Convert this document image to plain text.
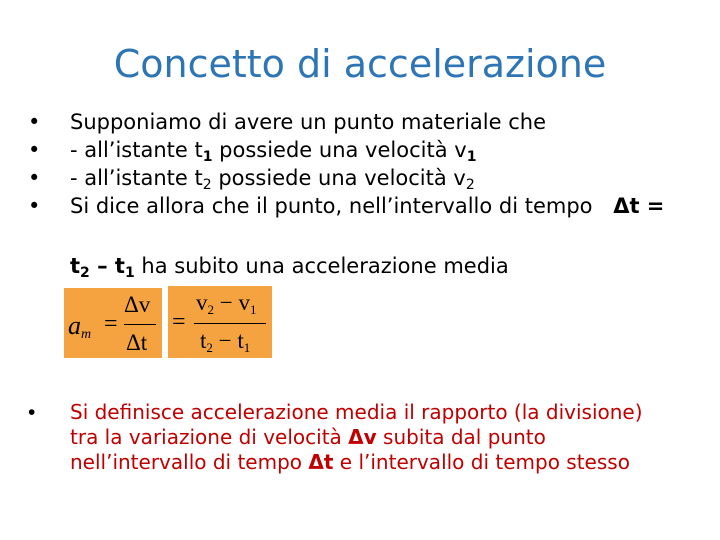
Concetto di accelerazione
• Supponiamo di avere un punto materiale che
• - all’istante $t_1$ possiede una velocità $v_1$
• - all’istante $t_2$ possiede una velocità $v_2$
• Si dice allora che il punto, nell’intervallo di tempo Δt =
$t_2 - t_1$ ha subito una accelerazione media
$a_m$ =
Δv
Δt
=
$v_2 - v_1$
$t_2 - t_1$
• Si definisce accelerazione media il rapporto (la divisione)
tra la variazione di velocità Δv subita dal punto
nell’intervallo di tempo Δt e l’intervallo di tempo stesso
